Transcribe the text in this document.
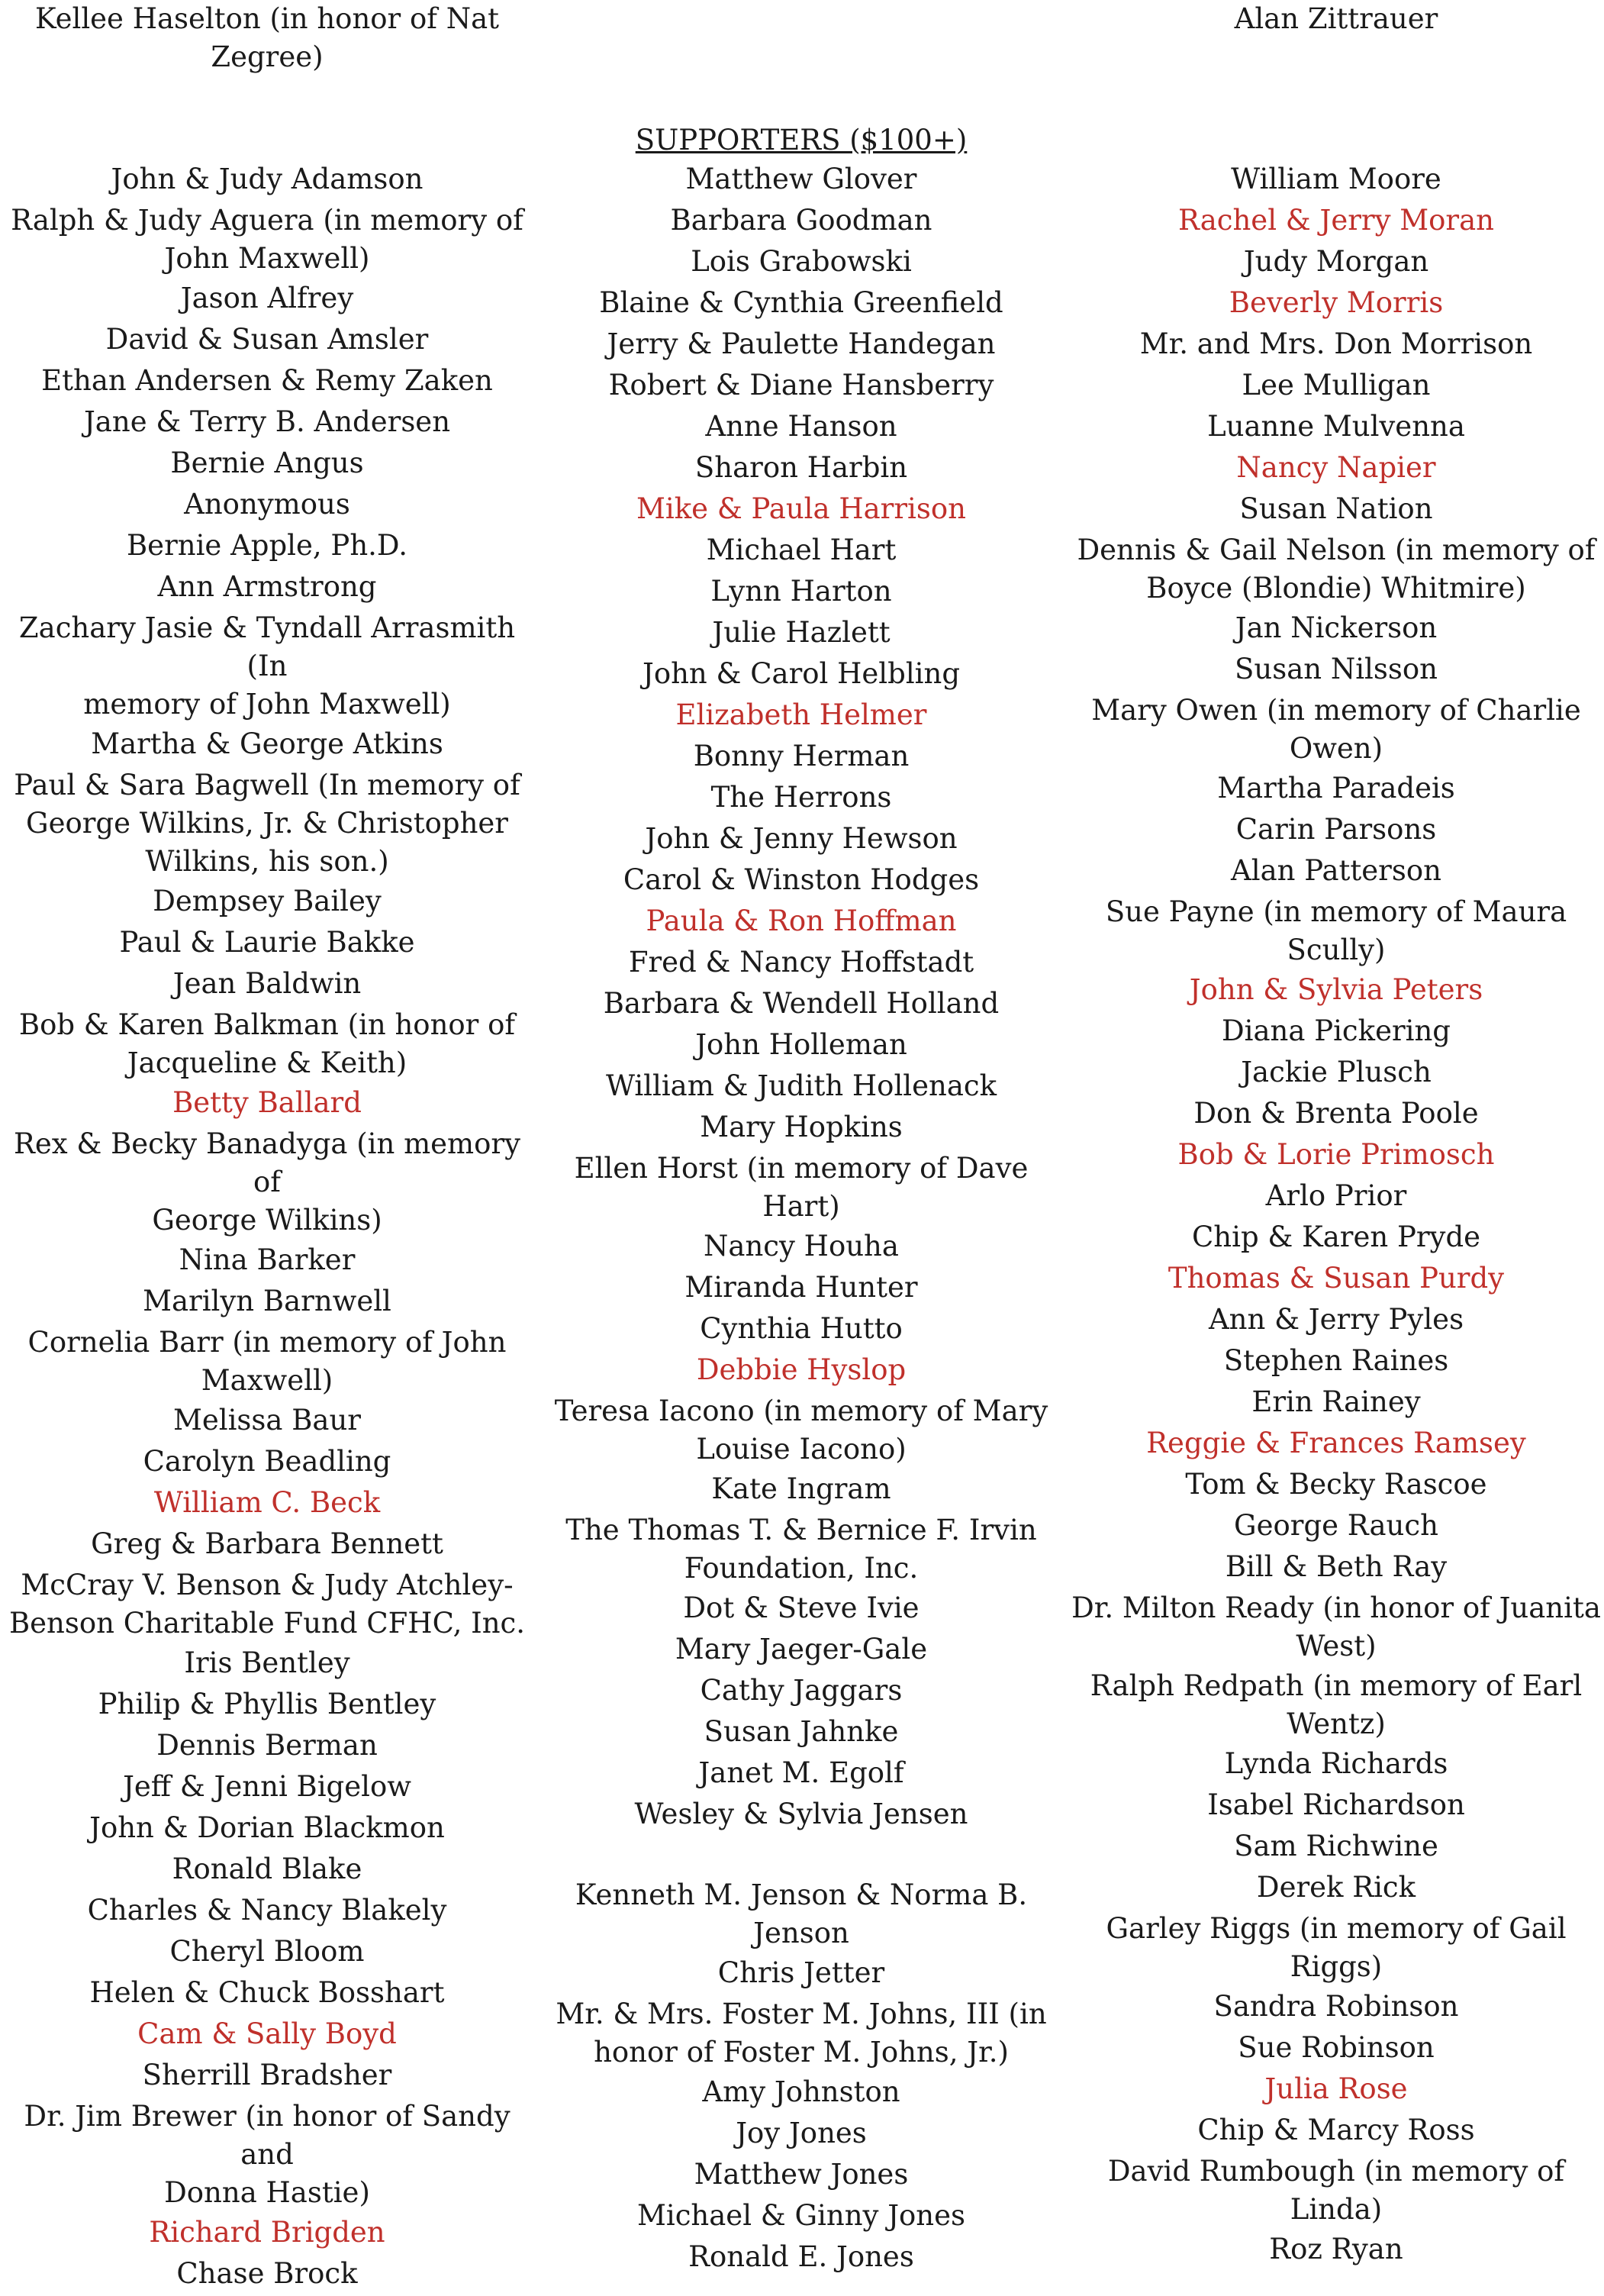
Kellee Haselton (in honor of Nat
Zegree)
Alan Zittrauer
SUPPORTERS ($100+)
John & Judy Adamson
Ralph & Judy Aguera (in memory of
John Maxwell)
Jason Alfrey
David & Susan Amsler
Ethan Andersen & Remy Zaken
Jane & Terry B. Andersen
Bernie Angus
Anonymous
Bernie Apple, Ph.D.
Ann Armstrong
Zachary Jasie & Tyndall Arrasmith (In
memory of John Maxwell)
Martha & George Atkins
Paul & Sara Bagwell (In memory of
George Wilkins, Jr. & Christopher
Wilkins, his son.)
Dempsey Bailey
Paul & Laurie Bakke
Jean Baldwin
Bob & Karen Balkman (in honor of
Jacqueline & Keith)
Betty Ballard
Rex & Becky Banadyga (in memory of
George Wilkins)
Nina Barker
Marilyn Barnwell
Cornelia Barr (in memory of John
Maxwell)
Melissa Baur
Carolyn Beadling
William C. Beck
Greg & Barbara Bennett
McCray V. Benson & Judy Atchley-
Benson Charitable Fund CFHC, Inc.
Iris Bentley
Philip & Phyllis Bentley
Dennis Berman
Jeff & Jenni Bigelow
John & Dorian Blackmon
Ronald Blake
Charles & Nancy Blakely
Cheryl Bloom
Helen & Chuck Bosshart
Cam & Sally Boyd
Sherrill Bradsher
Dr. Jim Brewer (in honor of Sandy and
Donna Hastie)
Richard Brigden
Chase Brock
Matthew Glover
Barbara Goodman
Lois Grabowski
Blaine & Cynthia Greenfield
Jerry & Paulette Handegan
Robert & Diane Hansberry
Anne Hanson
Sharon Harbin
Mike & Paula Harrison
Michael Hart
Lynn Harton
Julie Hazlett
John & Carol Helbling
Elizabeth Helmer
Bonny Herman
The Herrons
John & Jenny Hewson
Carol & Winston Hodges
Paula & Ron Hoffman
Fred & Nancy Hoffstadt
Barbara & Wendell Holland
John Holleman
William & Judith Hollenack
Mary Hopkins
Ellen Horst (in memory of Dave Hart)
Nancy Houha
Miranda Hunter
Cynthia Hutto
Debbie Hyslop
Teresa Iacono (in memory of Mary
Louise Iacono)
Kate Ingram
The Thomas T. & Bernice F. Irvin
Foundation, Inc.
Dot & Steve Ivie
Mary Jaeger-Gale
Cathy Jaggars
Susan Jahnke
Janet M. Egolf
Wesley & Sylvia Jensen
Kenneth M. Jenson & Norma B. Jenson
Chris Jetter
Mr. & Mrs. Foster M. Johns, III (in
honor of Foster M. Johns, Jr.)
Amy Johnston
Joy Jones
Matthew Jones
Michael & Ginny Jones
Ronald E. Jones
William Moore
Rachel & Jerry Moran
Judy Morgan
Beverly Morris
Mr. and Mrs. Don Morrison
Lee Mulligan
Luanne Mulvenna
Nancy Napier
Susan Nation
Dennis & Gail Nelson (in memory of
Boyce (Blondie) Whitmire)
Jan Nickerson
Susan Nilsson
Mary Owen (in memory of Charlie
Owen)
Martha Paradeis
Carin Parsons
Alan Patterson
Sue Payne (in memory of Maura
Scully)
John & Sylvia Peters
Diana Pickering
Jackie Plusch
Don & Brenta Poole
Bob & Lorie Primosch
Arlo Prior
Chip & Karen Pryde
Thomas & Susan Purdy
Ann & Jerry Pyles
Stephen Raines
Erin Rainey
Reggie & Frances Ramsey
Tom & Becky Rascoe
George Rauch
Bill & Beth Ray
Dr. Milton Ready (in honor of Juanita
West)
Ralph Redpath (in memory of Earl
Wentz)
Lynda Richards
Isabel Richardson
Sam Richwine
Derek Rick
Garley Riggs (in memory of Gail Riggs)
Sandra Robinson
Sue Robinson
Julia Rose
Chip & Marcy Ross
David Rumbough (in memory of Linda)
Roz Ryan
